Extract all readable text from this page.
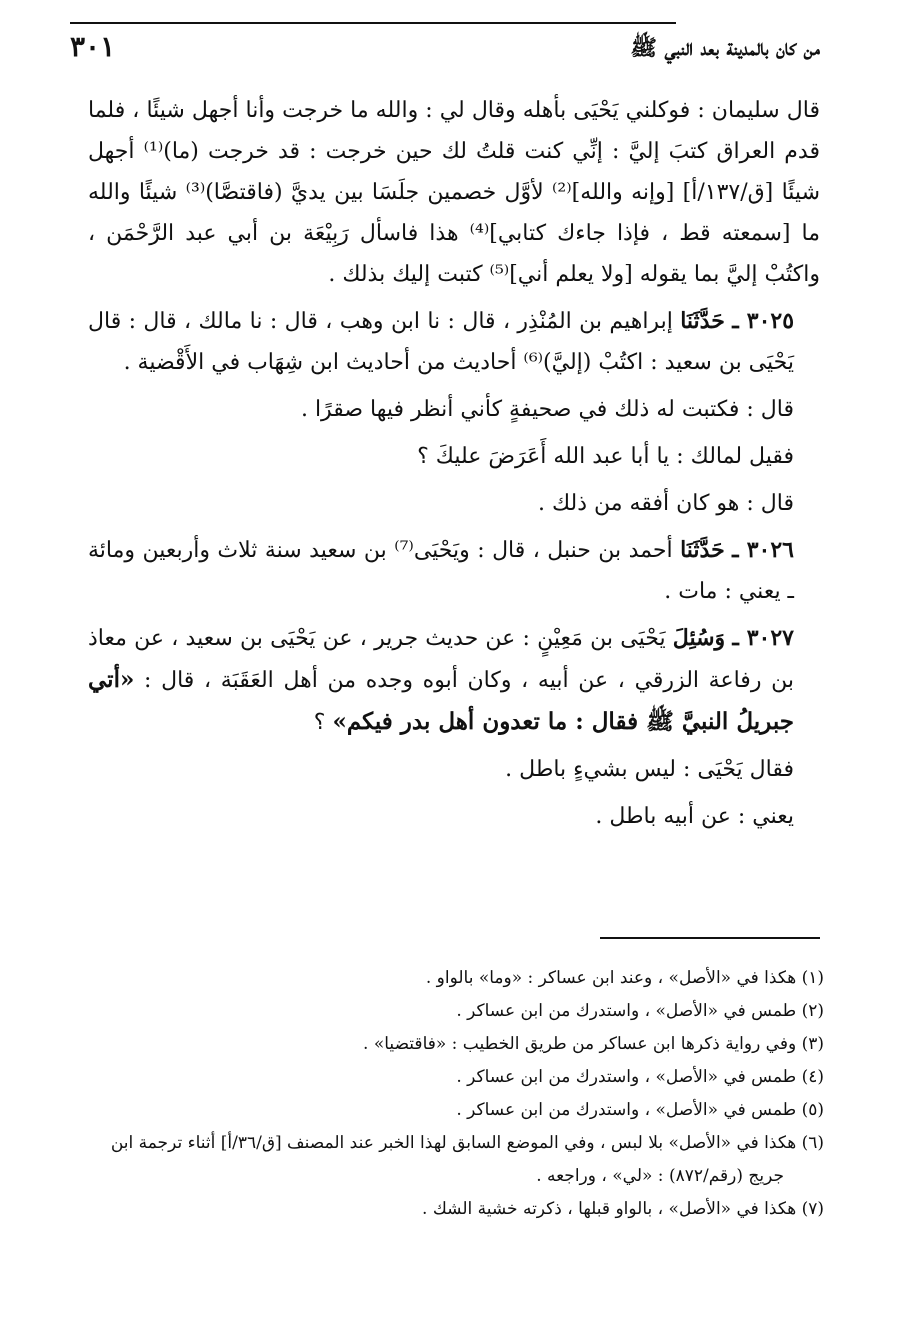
من كان بالمدينة بعد النبي ﷺ
٣٠١

قال سليمان : فوكلني يَحْيَى بأهله وقال لي : والله ما خرجت وأنا أجهل شيئًا ، فلما قدم العراق كتبَ إليَّ : إنِّي كنت قلتُ لك حين خرجت : قد خرجت (ما)⁽¹⁾ أجهل شيئًا [ق/١٣٧/أ] [وإنه والله]⁽²⁾ لأوَّل خصمين جلَسَا بين يديَّ (فاقتصَّا)⁽³⁾ شيئًا والله ما [سمعته قط ، فإذا جاءك كتابي]⁽⁴⁾ هذا فاسأل رَبِيْعَة بن أبي عبد الرَّحْمَن ، واكتُبْ إليَّ بما يقوله [ولا يعلم أني]⁽⁵⁾ كتبت إليك بذلك .

٣٠٢٥ ـ حَدَّثَنَا إبراهيم بن المُنْذِر ، قال : نا ابن وهب ، قال : نا مالك ، قال : قال يَحْيَى بن سعيد : اكتُبْ (إليَّ)⁽⁶⁾ أحاديث من أحاديث ابن شِهَاب في الأَقْضية .

قال : فكتبت له ذلك في صحيفةٍ كأني أنظر فيها صقرًا .

فقيل لمالك : يا أبا عبد الله أَعَرَضَ عليكَ ؟

قال : هو كان أفقه من ذلك .

٣٠٢٦ ـ حَدَّثَنَا أحمد بن حنبل ، قال : ويَحْيَى⁽⁷⁾ بن سعيد سنة ثلاث وأربعين ومائة ـ يعني : مات .

٣٠٢٧ ـ وَسُئِلَ يَحْيَى بن مَعِيْنٍ : عن حديث جرير ، عن يَحْيَى بن سعيد ، عن معاذ بن رفاعة الزرقي ، عن أبيه ، وكان أبوه وجده من أهل العَقَبَة ، قال : «أتي جبريلُ النبيَّ ﷺ فقال : ما تعدون أهل بدر فيكم» ؟

فقال يَحْيَى : ليس بشيءٍ باطل .

يعني : عن أبيه باطل .

(١) هكذا في «الأصل» ، وعند ابن عساكر : «وما» بالواو .

(٢) طمس في «الأصل» ، واستدرك من ابن عساكر .

(٣) وفي رواية ذكرها ابن عساكر من طريق الخطيب : «فاقتضيا» .

(٤) طمس في «الأصل» ، واستدرك من ابن عساكر .

(٥) طمس في «الأصل» ، واستدرك من ابن عساكر .

(٦) هكذا في «الأصل» بلا لبس ، وفي الموضع السابق لهذا الخبر عند المصنف [ق/٣٦/أ] أثناء ترجمة ابن

جريج (رقم/٨٧٢) : «لي» ، وراجعه .

(٧) هكذا في «الأصل» ، بالواو قبلها ، ذكرته خشية الشك .
